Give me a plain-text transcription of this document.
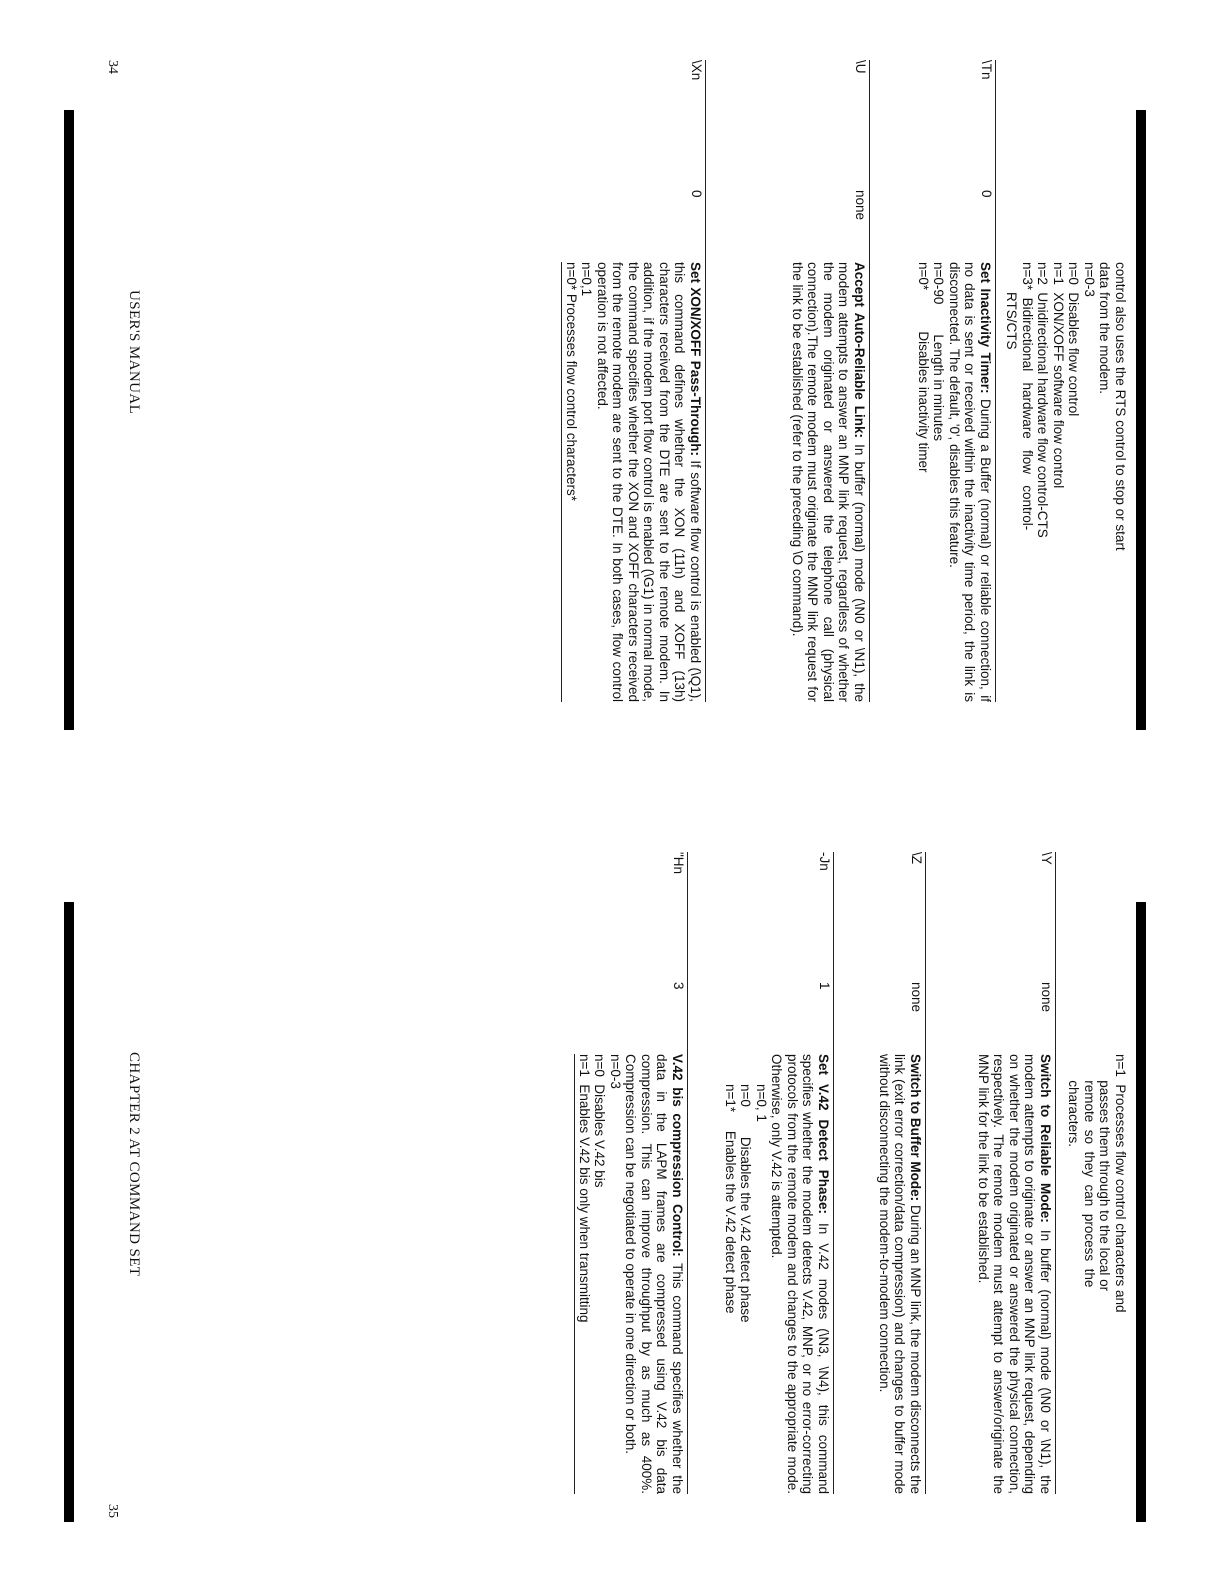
control also uses the RTS control to stop or start
data from the modem.
n=0-3
n=0  Disables flow control
n=1  XON/XOFF software flow control
n=2  Unidirectional hardware flow control-CTS
n=3*  Bidirectional   hardware   flow   control-
RTS/CTS
\Tn
0

Set Inactivity Timer: During a Buffer (normal) or reliable connection, if no data is sent or received within the inactivity time period, the link is disconnected. The default, '0', disables this feature.

n=0-90        Length in minutes
n=0*           Disables inactivity timer
\U
none

Accept Auto-Reliable Link: In buffer (normal) mode (\N0 or \N1), the modem attempts to answer an MNP link request, regardless of whether the modem originated or answered the telephone call (physical connection).The remote modem must originate the MNP link request for the link to be established (refer to the preceding \O command).

\Xn
0

Set XON/XOFF Pass-Through: If software flow control is enabled (\Q1), this command defines whether the XON (11h) and XOFF (13h) characters received from the DTE are sent to the remote modem. In addition, if the modem port flow control is enabled (\G1) in normal mode, the command specifies whether the XON and XOFF characters received from the remote modem are sent to the DTE. In both cases, flow control operation is not affected.

n=0,1
n=0* Processes flow control characters*
USER'S MANUAL
34
n=1  Processes flow control characters and
passes them through to the local or
remote  so  they  can  process  the
characters.
\Y
none

Switch to Reliable Mode: In buffer (normal) mode (\N0 or \N1), the modem attempts to originate or answer an MNP link request, depending on whether the modem originated or answered the physical connection, respectively. The remote modem must attempt to answer/originate the MNP link for the link to be established.

\Z
none

Switch to Buffer Mode: During an MNP link, the modem disconnects the link (exit error correction/data compression) and changes to buffer mode without disconnecting the modem-to-modem connection.

-Jn
1

Set V.42 Detect Phase: In V.42 modes (\N3, \N4), this command specifies whether the modem detects V.42, MNP, or no error-correcting protocols from the remote modem and changes to the appropriate mode. Otherwise, only V.42 is attempted.

n=0, 1
n=0        Disables the V.42 detect phase
n=1*     Enables the V.42 detect phase
"Hn
3

V.42 bis compression Control: This command specifies whether the data in the LAPM frames are compressed using V.42 bis data compression. This can improve throughput by as much as 400%. Compression can be negotiated to operate in one direction or both.

n=0-3
n=0  Disables V.42 bis
n=1  Enables V.42 bis only when transmitting
CHAPTER 2 AT COMMAND SET
35
